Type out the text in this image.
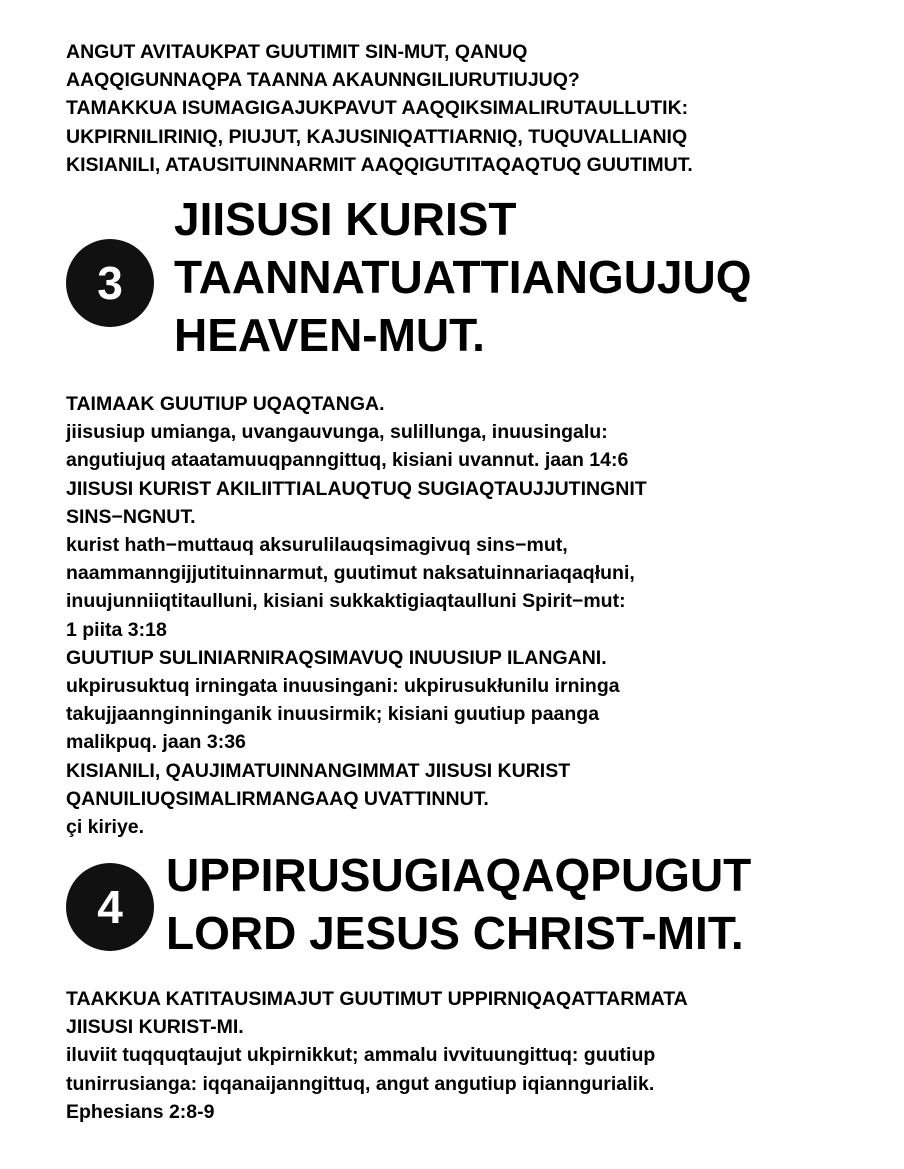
ANGUT AVITAUKPAT GUUTIMIT SIN-MUT, QANUQ
AAQQIGUNNAQPA TAANNA AKAUNNGILIURUTIUJUQ?
TAMAKKUA ISUMAGIGAJUKPAVUT AAQQIKSIMALIRUTAULLUTIK:
UKPIRNILIRINIQ, PIUJUT, KAJUSINIQATTIARNIQ, TUQUVALLIANIQ
KISIANILI, ATAUSITUINNARMIT AAQQIGUTITAQAQTUQ GUUTIMUT.
3
JIISUSI KURIST
TAANNATUATTIANGUJUQ
HEAVEN-MUT.
TAIMAAK GUUTIUP UQAQTANGA.
jiisusiup umianga, uvangauvunga, sulillunga, inuusingalu:
angutiujuq ataatamuuqpanngittuq, kisiani uvannut. jaan 14:6
JIISUSI KURIST AKILIITTIALAUQTUQ SUGIAQTAUJJUTINGNIT
SINS−NGNUT.
kurist hath−muttauq aksurulilauqsimagivuq sins−mut,
naammanngijjutituinnarmut, guutimut naksatuinnariaqaqłuni,
inuujunniiqtitaulluni, kisiani sukkaktigiaqtaulluni Spirit−mut:
1 piita 3:18
GUUTIUP SULINIARNIRAQSIMAVUQ INUUSIUP ILANGANI.
ukpirusuktuq irningata inuusingani: ukpirusukłunilu irninga
takujjaannginninganik inuusirmik; kisiani guutiup paanga
malikpuq. jaan 3:36
KISIANILI, QAUJIMATUINNANGIMMAT JIISUSI KURIST
QANUILIUQSIMALIRMANGAAQ UVATTINNUT.
çi kiriye.
4
UPPIRUSUGIAQAQPUGUT
LORD JESUS CHRIST-MIT.
TAAKKUA KATITAUSIMAJUT GUUTIMUT UPPIRNIQAQATTARMATA
JIISUSI KURIST-MI.
iluviit tuqquqtaujut ukpirnikkut; ammalu ivvituungittuq: guutiup
tunirrusianga: iqqanaijanngittuq, angut angutiup iqianngurialik.
Ephesians 2:8-9
